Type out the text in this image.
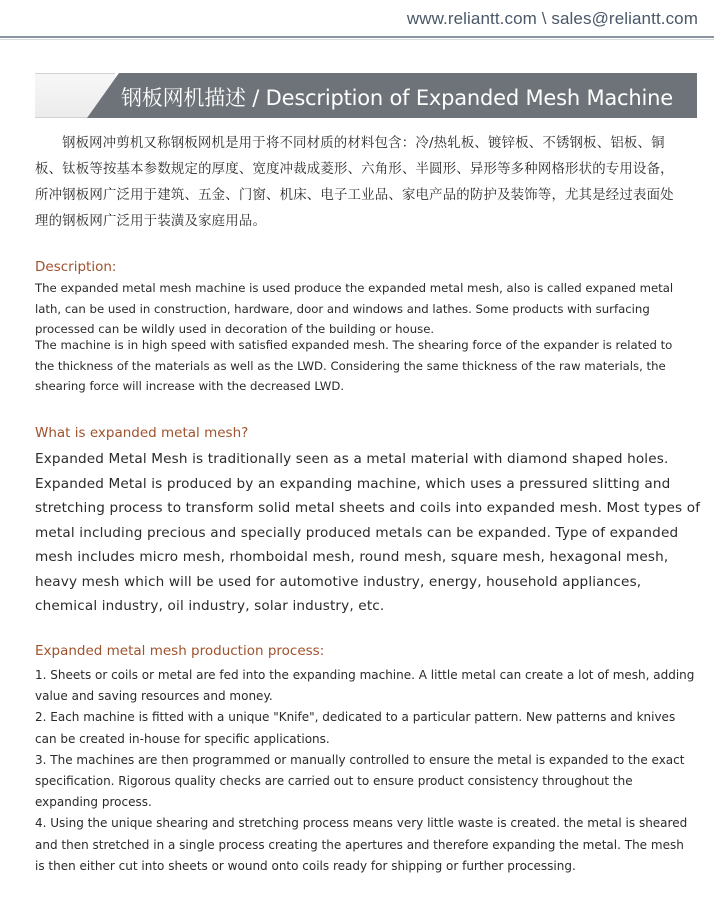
www.reliantt.com \ sales@reliantt.com
钢板网机描述 / Description of Expanded Mesh Machine

钢板网冲剪机又称钢板网机是用于将不同材质的材料包含：冷/热轧板、镀锌板、不锈钢板、铝板、铜板、钛板等按基本参数规定的厚度、宽度冲裁成菱形、六角形、半圆形、异形等多种网格形状的专用设备，所冲钢板网广泛用于建筑、五金、门窗、机床、电子工业品、家电产品的防护及装饰等，尤其是经过表面处理的钢板网广泛用于装潢及家庭用品。

Description:

The expanded metal mesh machine is used produce the expanded metal mesh, also is called expaned metal lath, can be used in construction, hardware, door and windows and lathes. Some products with surfacing processed can be wildly used in decoration of the building or house.

The machine is in high speed with satisfied expanded mesh. The shearing force of the expander is related to the thickness of the materials as well as the LWD. Considering the same thickness of the raw materials, the shearing force will increase with the decreased LWD.

What is expanded metal mesh?

Expanded Metal Mesh is traditionally seen as a metal material with diamond shaped holes. Expanded Metal is produced by an expanding machine, which uses a pressured slitting and stretching process to transform solid metal sheets and coils into expanded mesh. Most types of metal including precious and specially produced metals can be expanded. Type of expanded mesh includes micro mesh, rhomboidal mesh, round mesh, square mesh, hexagonal mesh, heavy mesh which will be used for automotive industry, energy, household appliances, chemical industry, oil industry, solar industry, etc.

Expanded metal mesh production process:
1. Sheets or coils or metal are fed into the expanding machine. A little metal can create a lot of mesh, adding value and saving resources and money.
2. Each machine is fitted with a unique "Knife", dedicated to a particular pattern. New patterns and knives can be created in-house for specific applications.
3. The machines are then programmed or manually controlled to ensure the metal is expanded to the exact specification. Rigorous quality checks are carried out to ensure product consistency throughout the expanding process.
4. Using the unique shearing and stretching process means very little waste is created. the metal is sheared and then stretched in a single process creating the apertures and therefore expanding the metal. The mesh is then either cut into sheets or wound onto coils ready for shipping or further processing.
